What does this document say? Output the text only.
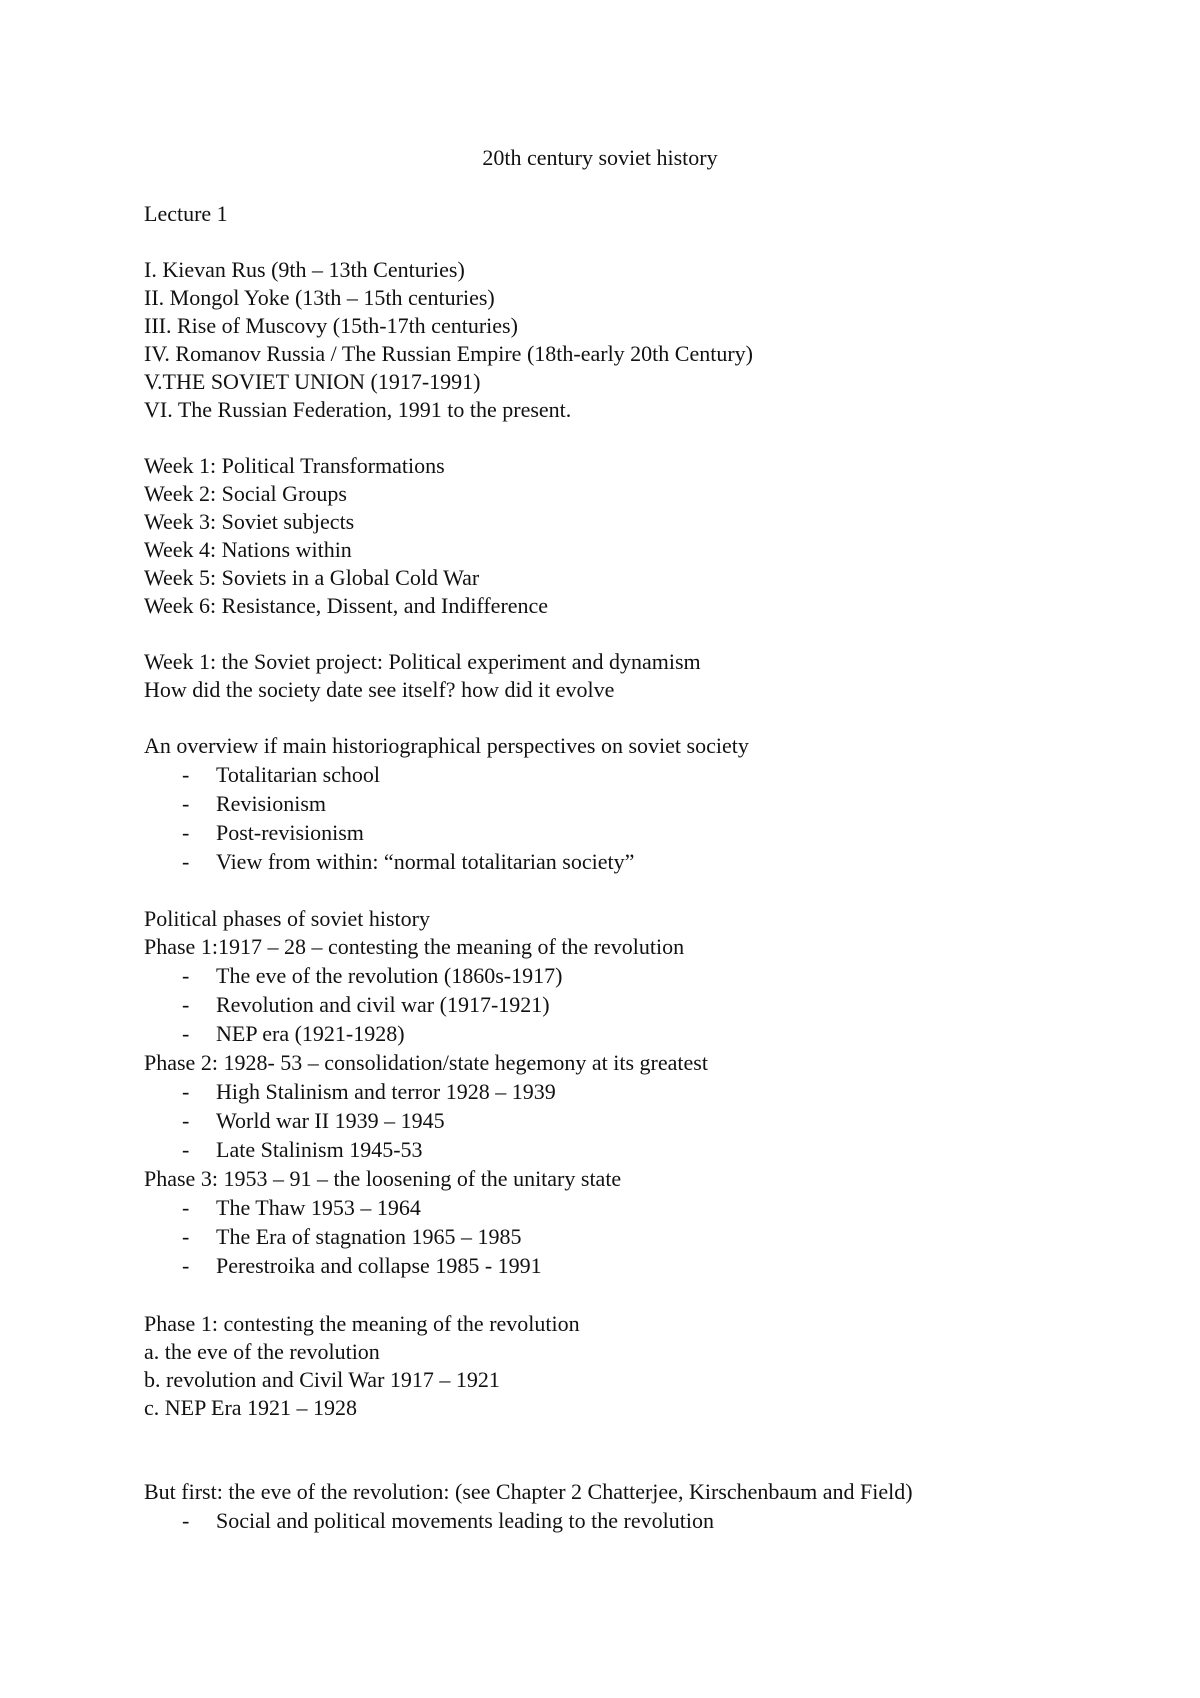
20th century soviet history
Lecture 1
I. Kievan Rus (9th – 13th Centuries)
II. Mongol Yoke (13th – 15th centuries)
III. Rise of Muscovy (15th-17th centuries)
IV. Romanov Russia / The Russian Empire (18th-early 20th Century)
V.THE SOVIET UNION (1917-1991)
VI. The Russian Federation, 1991 to the present.
Week 1: Political Transformations
Week 2: Social Groups
Week 3: Soviet subjects
Week 4: Nations within
Week 5: Soviets in a Global Cold War
Week 6: Resistance, Dissent, and Indifference
Week 1: the Soviet project: Political experiment and dynamism
How did the society date see itself? how did it evolve
An overview if main historiographical perspectives on soviet society
- Totalitarian school
- Revisionism
- Post-revisionism
- View from within: “normal totalitarian society”
Political phases of soviet history
Phase 1:1917 – 28 – contesting the meaning of the revolution
- The eve of the revolution (1860s-1917)
- Revolution and civil war (1917-1921)
- NEP era (1921-1928)
Phase 2: 1928- 53 – consolidation/state hegemony at its greatest
- High Stalinism and terror 1928 – 1939
- World war II 1939 – 1945
- Late Stalinism 1945-53
Phase 3: 1953 – 91 – the loosening of the unitary state
- The Thaw 1953 – 1964
- The Era of stagnation 1965 – 1985
- Perestroika and collapse 1985 - 1991
Phase 1: contesting the meaning of the revolution
a. the eve of the revolution
b. revolution and Civil War 1917 – 1921
c. NEP Era 1921 – 1928
But first: the eve of the revolution: (see Chapter 2 Chatterjee, Kirschenbaum and Field)
- Social and political movements leading to the revolution
